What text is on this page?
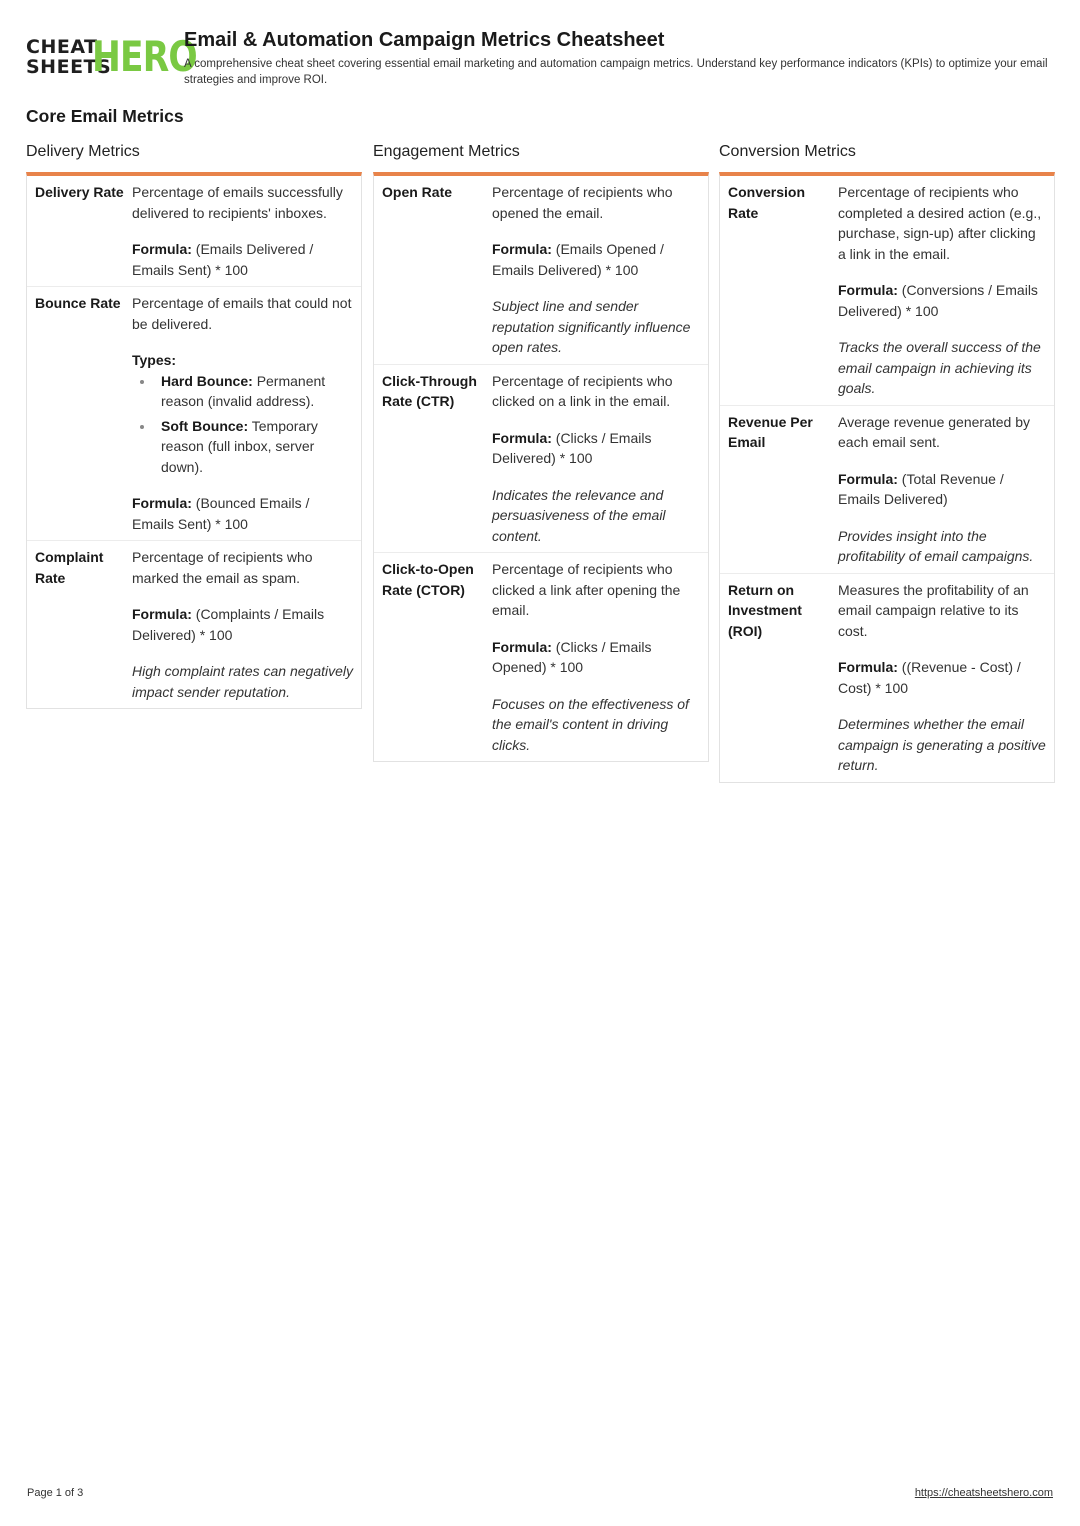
CHEAT
SHEETS
HERO
Email & Automation Campaign Metrics Cheatsheet

A comprehensive cheat sheet covering essential email marketing and automation campaign metrics. Understand key performance indicators (KPIs) to optimize your email strategies and improve ROI.

Core Email Metrics
Delivery Metrics
Delivery Rate Percentage of emails successfully delivered to recipients' inboxes.

Formula: (Emails Delivered / Emails Sent) * 100

Bounce Rate Percentage of emails that could not be delivered.

Types:

Hard Bounce: Permanent reason (invalid address).
Soft Bounce: Temporary reason (full inbox, server down).

Formula: (Bounced Emails / Emails Sent) * 100

Complaint Rate

Percentage of recipients who marked the email as spam.

Formula: (Complaints / Emails Delivered) * 100

High complaint rates can negatively impact sender reputation.

Engagement Metrics
Open Rate	Percentage of recipients who opened the email.

Formula: (Emails Opened / Emails Delivered) * 100

Subject line and sender reputation significantly influence open rates.

Click-Through Rate (CTR)

Percentage of recipients who clicked on a link in the email.

Formula: (Clicks / Emails Delivered) * 100

Indicates the relevance and persuasiveness of the email content.

Click-to-Open Rate (CTOR)

Percentage of recipients who clicked a link after opening the email.

Formula: (Clicks / Emails Opened) * 100

Focuses on the effectiveness of the email's content in driving clicks.

Conversion Metrics
Conversion Rate

Percentage of recipients who completed a desired action (e.g., purchase, sign-up) after clicking a link in the email.

Formula: (Conversions / Emails Delivered) * 100

Tracks the overall success of the email campaign in achieving its goals.

Revenue Per Email

Average revenue generated by each email sent.

Formula: (Total Revenue / Emails Delivered)

Provides insight into the profitability of email campaigns.

Return on Investment (ROI)

Measures the profitability of an email campaign relative to its cost.

Formula: ((Revenue - Cost) / Cost) * 100

Determines whether the email campaign is generating a positive return.

Page 1 of 3	https://cheatsheetshero.com
